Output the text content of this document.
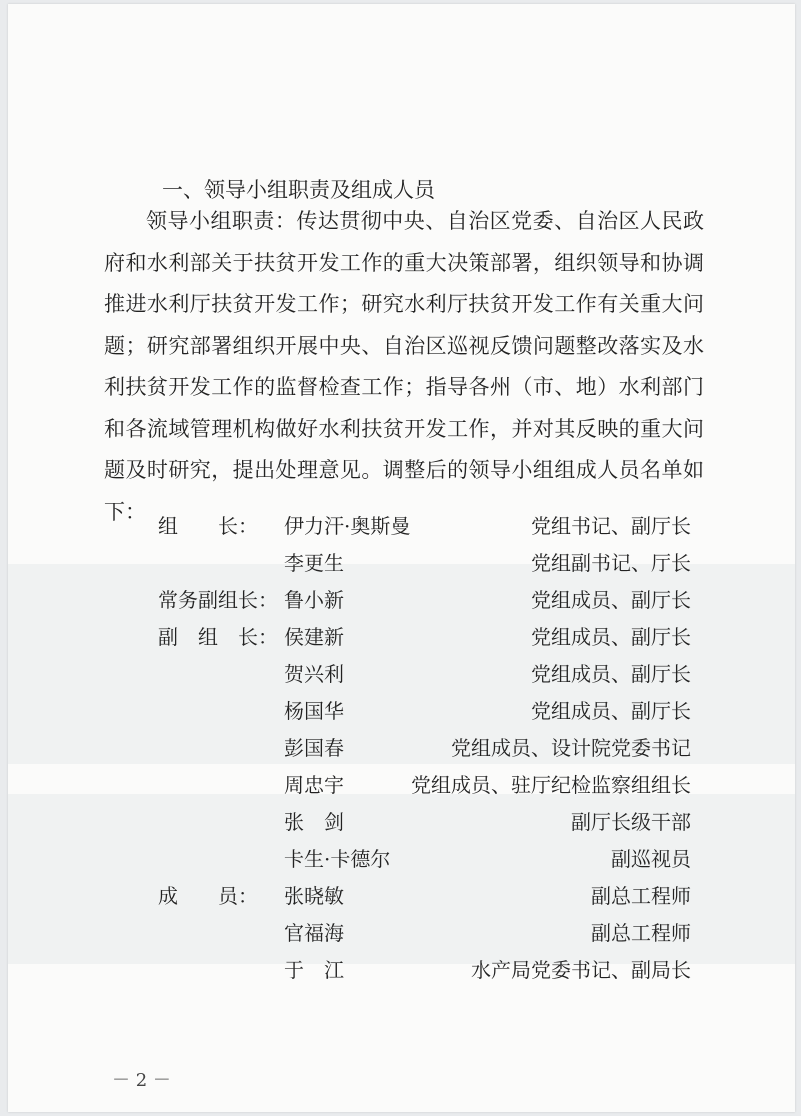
一、领导小组职责及组成人员
领导小组职责：传达贯彻中央、自治区党委、自治区人民政府和水利部关于扶贫开发工作的重大决策部署，组织领导和协调推进水利厅扶贫开发工作；研究水利厅扶贫开发工作有关重大问题；研究部署组织开展中央、自治区巡视反馈问题整改落实及水利扶贫开发工作的监督检查工作；指导各州（市、地）水利部门和各流域管理机构做好水利扶贫开发工作，并对其反映的重大问题及时研究，提出处理意见。调整后的领导小组组成人员名单如下：
组　　长：	伊力汗·奥斯曼	党组书记、副厅长
李更生	党组副书记、厅长
常务副组长： 鲁小新	党组成员、副厅长
副　组　长： 侯建新	党组成员、副厅长
贺兴利	党组成员、副厅长
杨国华	党组成员、副厅长
彭国春	党组成员、设计院党委书记
周忠宇	党组成员、驻厅纪检监察组组长
张　剑	副厅长级干部
卡生·卡德尔	副巡视员
成　　员：	张晓敏	副总工程师
官福海	副总工程师
于　江	水产局党委书记、副局长
－ 2 －
